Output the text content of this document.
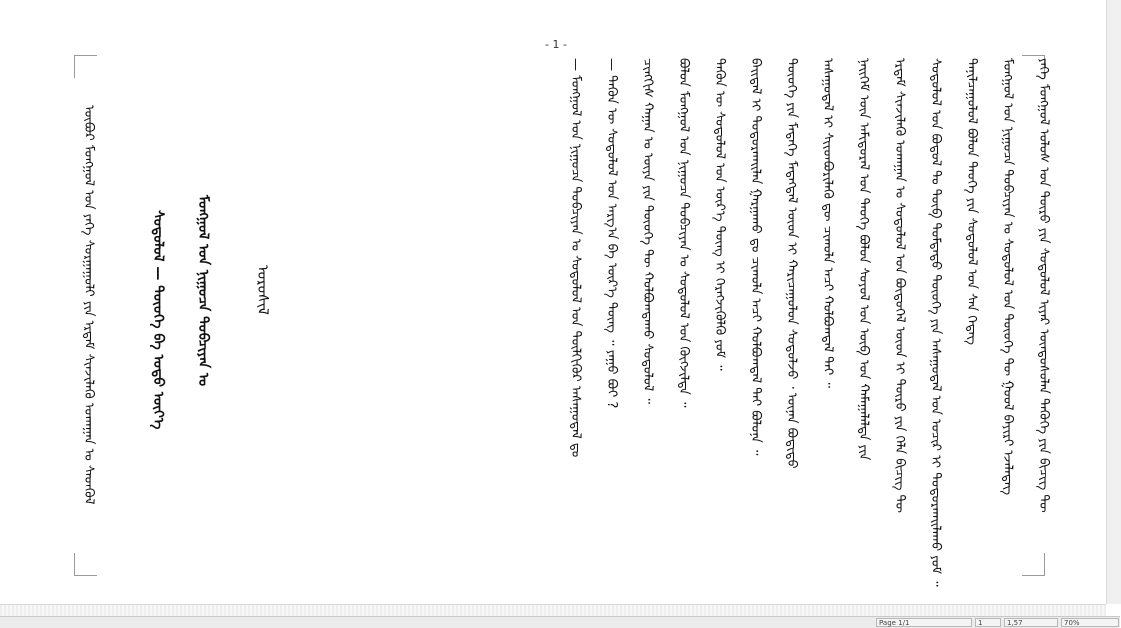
- 1 -
ᠶᠡᠬᠡ ᠮᠣᠩᠭᠣᠯ ᠤᠯᠤᠰ ᠤᠨ ᠲᠥᠷᠦ ᠶᠢᠨ ᠰᠤᠳᠤᠯᠤᠯ ᠢᠶᠠᠷ ᠦᠨᠳᠦᠰᠦᠯᠡᠨ ᠲᠡᠭᠦᠬᠡ ᠶᠢᠨ ᠪᠢᠴᠢᠭ ᠲᠦ
ᠮᠣᠩᠭᠣᠯ ᠤᠨ ᠨᠢᠭᠤᠴᠠ ᠲᠣᠪᠴᠢᠶᠠᠨ ᠤ ᠰᠤᠳᠤᠯᠤᠯ ᠤᠨ ᠲᠦᠦᠬᠡ ᠲᠦ ᠭᠣᠣᠯ ᠪᠠᠶᠢᠷᠢ ᠡᠵᠡᠯᠡᠳᠡᠭ
ᠲᠠᠨᠢᠯᠴᠠᠭᠤᠯᠤᠯ ᠪᠣᠯᠤᠨ ᠲᠡᠦᠬᠡ ᠶᠢᠨ ᠰᠤᠳᠤᠯᠤᠯ ᠤᠨ ᠰᠠᠨ ᠭᠡᠳᠡᠭ
ᠰᠤᠳᠤᠯᠤᠯ ᠤᠨ ᠪᠣᠳᠤᠯ ᠲᠤ ᠲᠥᠪ ᠳᠤᠮᠳᠠᠳᠤ ᠲᠦᠦᠬᠡ ᠶᠢᠨ ᠠᠰᠠᠭᠤᠳᠠᠯ ᠤᠨ ᠤᠴᠢᠷ ᠢ ᠲᠣᠳᠤᠷᠬᠠᠢᠯᠠᠬᠤ ᠶᠤᠮ ᠃
ᠡᠷᠳᠡᠮ ᠰᠢᠨᠵᠢᠯᠡᠬᠦ ᠤᠬᠠᠭᠠᠨ ᠤ ᠰᠤᠳᠤᠯᠤᠯ ᠤᠨ ᠪᠦᠲᠦᠭᠡᠯ ᠦᠳ ᠢ ᠲᠥᠷᠦ ᠶᠢᠨ ᠬᠡᠯᠡ ᠪᠢᠴᠢᠭ ᠲᠦ
ᠨᠡᠢᠭᠡᠮ ᠦᠨ ᠠᠮᠢᠳᠤᠷᠠᠯ ᠤᠨ ᠲᠡᠦᠬᠡ ᠪᠣᠯᠤᠨ ᠰᠣᠶᠣᠯ ᠤᠨ ᠥᠪ ᠤᠨ ᠬᠠᠮᠠᠭᠠᠯᠠᠯᠲᠠ ᠶᠢᠨ
ᠠᠰᠠᠭᠤᠳᠠᠯ ᠢ ᠰᠢᠢᠳᠪᠦᠷᠢᠯᠡᠬᠦ ᠳᠦ ᠴᠢᠬᠤᠯᠠ ᠠᠴᠢ ᠬᠣᠯᠪᠣᠭᠳᠠᠯ ᠲᠠᠢ ᠃
ᠲᠦᠦᠬᠡ ᠶᠢᠨ ᠮᠡᠳᠡᠭᠡ ᠮᠡᠳᠡᠭᠳᠡᠯ ᠦᠳ ᠢ ᠬᠠᠷᠢᠴᠠᠭᠤᠯᠤᠨ ᠰᠤᠳᠤᠯᠵᠤ ᠂ ᠦᠨᠡᠨ ᠪᠣᠳᠢᠲᠤ
ᠪᠠᠢᠳᠠᠯ ᠢ ᠲᠣᠳᠤᠷᠬᠠᠢᠯᠠᠨ ᠭᠠᠷᠭᠠᠬᠤ ᠳᠤ ᠴᠢᠬᠤᠯᠠ ᠠᠴᠢ ᠬᠣᠯᠪᠣᠭᠳᠠᠯ ᠲᠠᠢ ᠪᠣᠯᠤᠨᠠ ᠃
ᠲᠡᠭᠦᠨ ᠦ ᠰᠤᠳᠤᠯᠤᠯ ᠤᠨ ᠦᠷ᠎ᠡ ᠳᠦᠩ ᠢ ᠬᠡᠷᠡᠭᠵᠢᠭᠦᠯᠬᠦ ᠶᠤᠮ ᠃
ᠪᠣᠯᠣᠨ ᠮᠣᠩᠭᠣᠯ ᠤᠨ ᠨᠢᠭᠤᠴᠠ ᠲᠣᠪᠴᠢᠶᠠᠨ ᠤ ᠰᠤᠳᠤᠯᠤᠯ ᠤᠨ ᠬᠥᠭᠵᠢᠯᠲᠡ ᠃
ᠴᠢᠩᠭᠢᠰ ᠬᠠᠭᠠᠨ ᠤ ᠦᠶᠡ ᠶᠢᠨ ᠲᠦᠦᠬᠡ ᠲᠦ ᠬᠣᠯᠪᠣᠭᠳᠠᠬᠤ ᠰᠤᠳᠤᠯᠤᠯ ᠃
— ᠲᠡᠭᠦᠨ ᠦ ᠰᠤᠳᠤᠯᠤᠯ ᠤᠨ ᠠᠷᠭ᠎ᠠ ᠪᠠ ᠦᠷ᠎ᠡ ᠳᠦᠩ ᠃ ᠶᠠᠭᠤ ᠪᠤᠢ ?
— ᠮᠣᠩᠭᠣᠯ ᠤᠨ ᠨᠢᠭᠤᠴᠠ ᠲᠣᠪᠴᠢᠶᠠᠨ ᠤ ᠰᠤᠳᠤᠯᠤᠯ ᠤᠨ ᠲᠦᠯᠬᠢᠭᠦᠷ ᠠᠰᠠᠭᠤᠳᠠᠯ ᠳᠤ
ᠣᠷᠣᠰᠢᠯ
ᠮᠣᠩᠭᠣᠯ ᠤᠨ ᠨᠢᠭᠤᠴᠠ ᠲᠣᠪᠴᠢᠶᠠᠨ ᠤ
ᠰᠤᠳᠤᠯᠤᠯ — ᠲᠦᠦᠬᠡ ᠪᠠ ᠣᠳᠣ ᠦᠶ᠎ᠡ
ᠦᠪᠦᠷ ᠮᠣᠩᠭᠣᠯ ᠤᠨ ᠶᠡᠬᠡ ᠰᠤᠷᠭᠠᠭᠤᠯᠢ ᠶᠢᠨ ᠡᠷᠳᠡᠮ ᠰᠢᠨᠵᠢᠯᠡᠬᠦ ᠤᠬᠠᠭᠠᠨ ᠤ ᠰᠡᠳᠬᠦᠯ
Page 1/1	1	1,57	70%
